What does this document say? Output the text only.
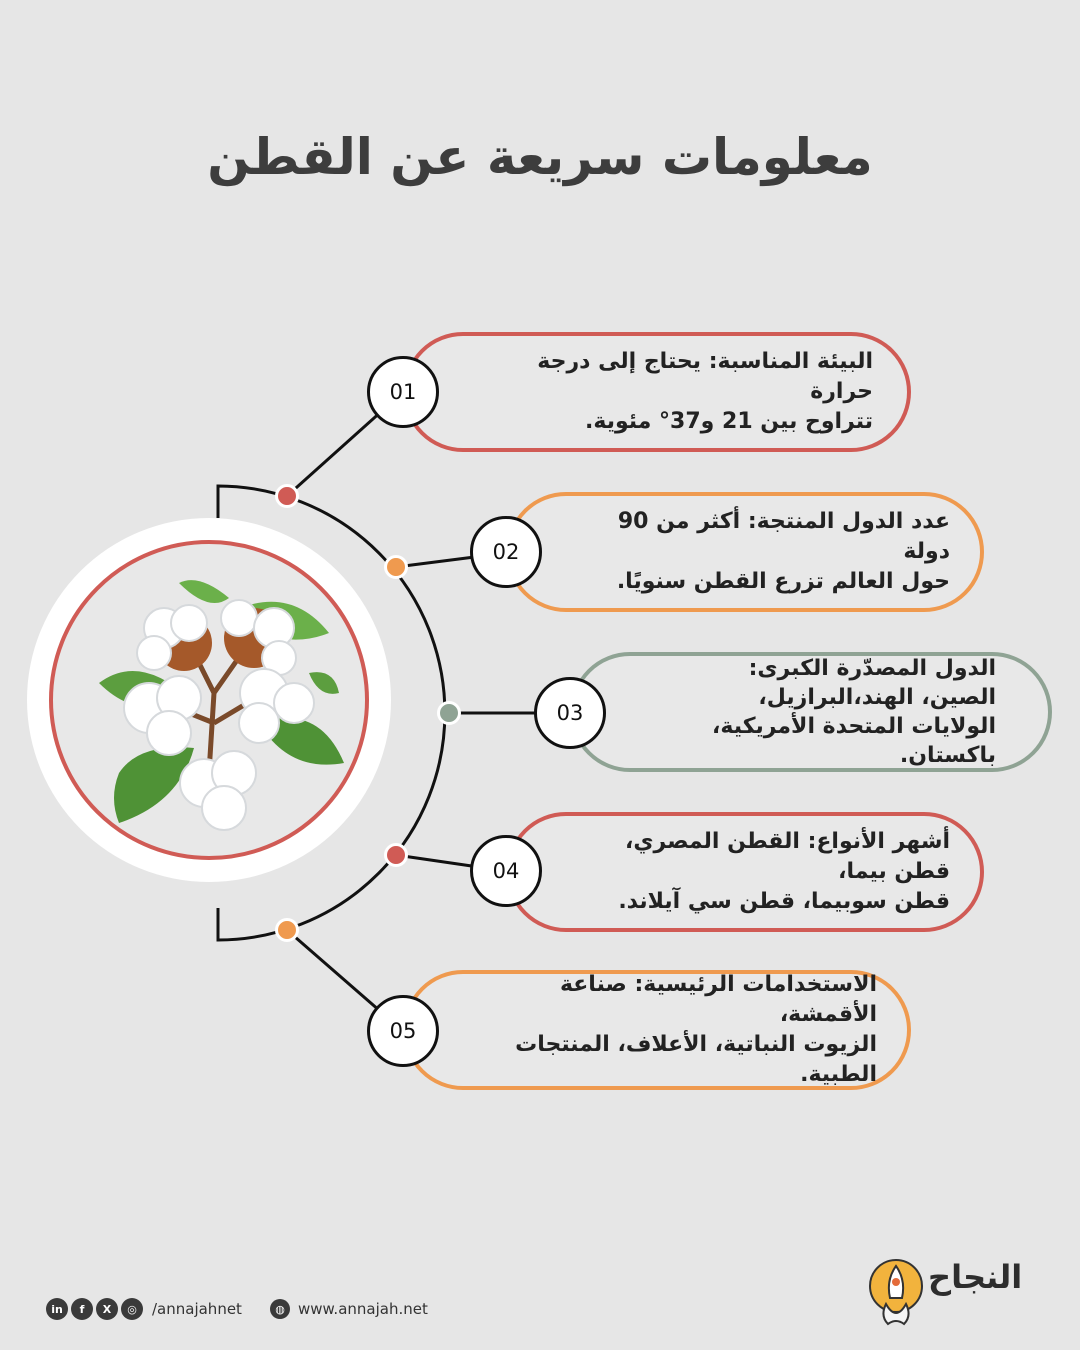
معلومات سريعة عن القطن
البيئة المناسبة: يحتاج إلى درجة حرارة
تتراوح بين 21 و37° مئوية.
01
عدد الدول المنتجة: أكثر من 90 دولة
حول العالم تزرع القطن سنويًا.
02
الدول المصدّرة الكبرى:
الصين، الهند،البرازيل،
الولايات المتحدة الأمريكية، باكستان.
03
أشهر الأنواع: القطن المصري، قطن بيما،
قطن سوبيما، قطن سي آيلاند.
04
الاستخدامات الرئيسية: صناعة الأقمشة،
الزيوت النباتية، الأعلاف، المنتجات الطبية.
05
in	f	X	◎	/annajahnet	◍ www.annajah.net
النجاح
